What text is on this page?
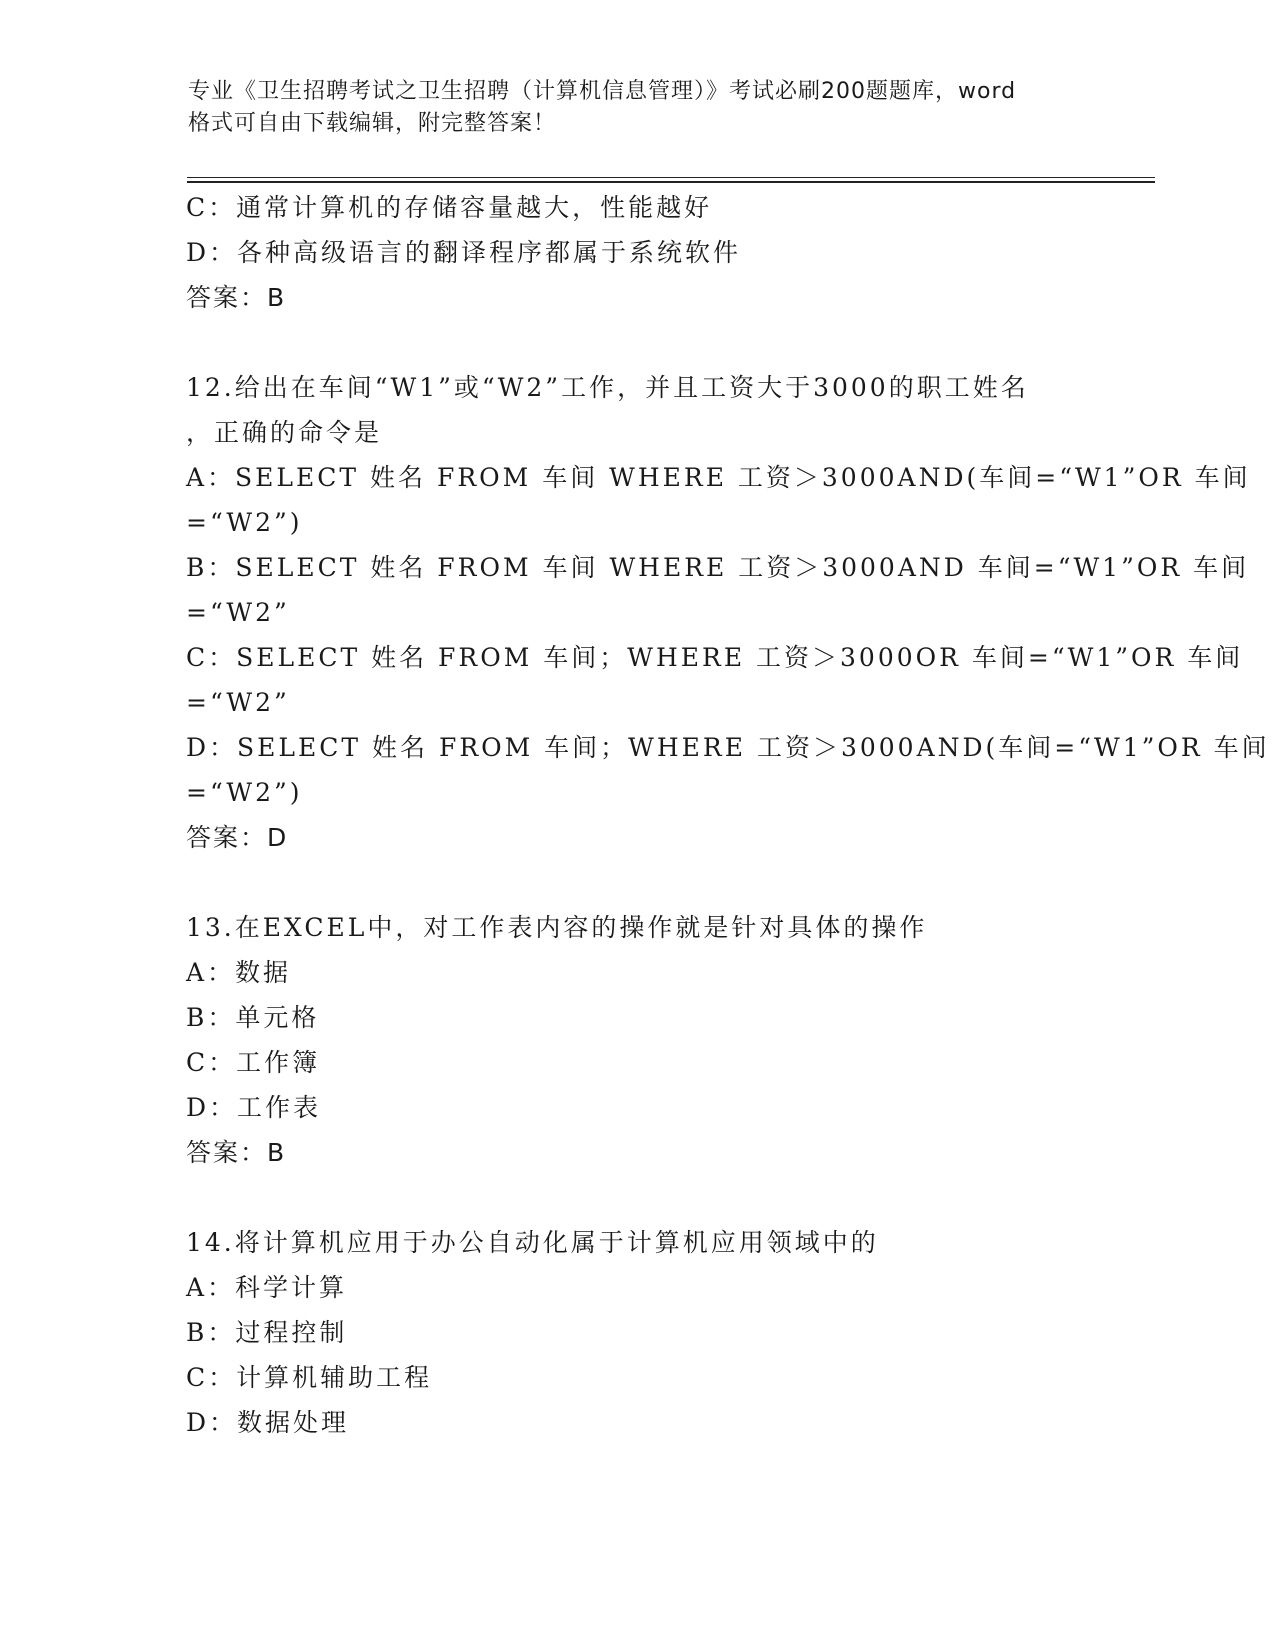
专业《卫生招聘考试之卫生招聘（计算机信息管理）》考试必刷200题题库，word
格式可自由下载编辑，附完整答案！
C：通常计算机的存储容量越大，性能越好
D：各种高级语言的翻译程序都属于系统软件
答案：B
12.给出在车间“W1”或“W2”工作，并且工资大于3000的职工姓名
，正确的命令是
A：SELECT 姓名 FROM 车间 WHERE 工资＞3000AND(车间=“W1”OR 车间
=“W2”)
B：SELECT 姓名 FROM 车间 WHERE 工资＞3000AND 车间=“W1”OR 车间
=“W2”
C：SELECT 姓名 FROM 车间；WHERE 工资＞3000OR 车间=“W1”OR 车间
=“W2”
D：SELECT 姓名 FROM 车间；WHERE 工资＞3000AND(车间=“W1”OR 车间
=“W2”)
答案：D
13.在EXCEL中，对工作表内容的操作就是针对具体的操作
A：数据
B：单元格
C：工作簿
D：工作表
答案：B
14.将计算机应用于办公自动化属于计算机应用领域中的
A：科学计算
B：过程控制
C：计算机辅助工程
D：数据处理
